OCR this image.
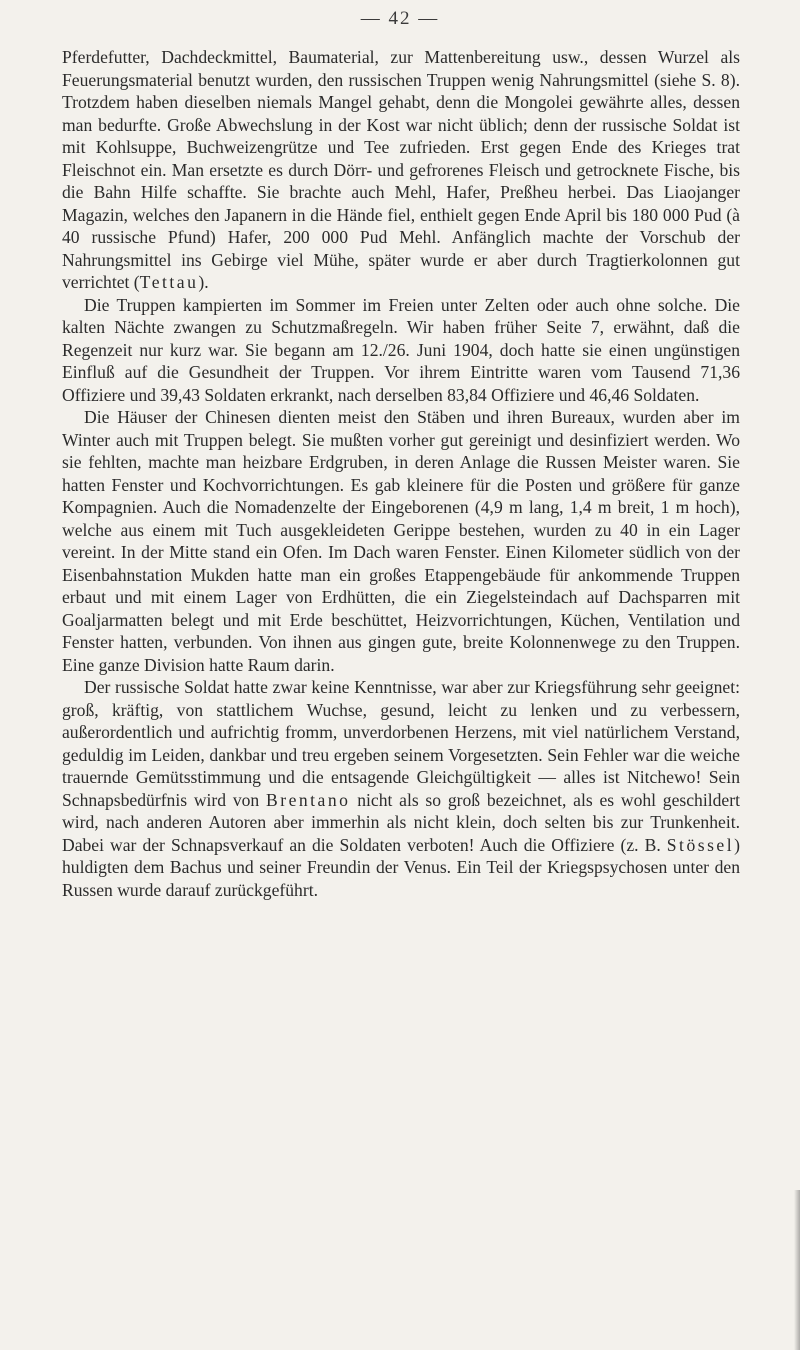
— 42 —

Pferdefutter, Dachdeckmittel, Baumaterial, zur Mattenbereitung usw., dessen Wurzel als Feuerungsmaterial benutzt wurden, den russischen Truppen wenig Nahrungsmittel (siehe S. 8). Trotzdem haben dieselben niemals Mangel gehabt, denn die Mongolei gewährte alles, dessen man bedurfte. Große Abwechslung in der Kost war nicht üblich; denn der russische Soldat ist mit Kohlsuppe, Buchweizengrütze und Tee zufrieden. Erst gegen Ende des Krieges trat Fleischnot ein. Man ersetzte es durch Dörr- und gefrorenes Fleisch und getrocknete Fische, bis die Bahn Hilfe schaffte. Sie brachte auch Mehl, Hafer, Preßheu herbei. Das Liaojanger Magazin, welches den Japanern in die Hände fiel, enthielt gegen Ende April bis 180 000 Pud (à 40 russische Pfund) Hafer, 200 000 Pud Mehl. Anfänglich machte der Vorschub der Nahrungsmittel ins Gebirge viel Mühe, später wurde er aber durch Tragtierkolonnen gut verrichtet (Tettau).

Die Truppen kampierten im Sommer im Freien unter Zelten oder auch ohne solche. Die kalten Nächte zwangen zu Schutzmaßregeln. Wir haben früher Seite 7, erwähnt, daß die Regenzeit nur kurz war. Sie begann am 12./26. Juni 1904, doch hatte sie einen ungünstigen Einfluß auf die Gesundheit der Truppen. Vor ihrem Eintritte waren vom Tausend 71,36 Offiziere und 39,43 Soldaten erkrankt, nach derselben 83,84 Offiziere und 46,46 Soldaten.

Die Häuser der Chinesen dienten meist den Stäben und ihren Bureaux, wurden aber im Winter auch mit Truppen belegt. Sie mußten vorher gut gereinigt und desinfiziert werden. Wo sie fehlten, machte man heizbare Erdgruben, in deren Anlage die Russen Meister waren. Sie hatten Fenster und Kochvorrichtungen. Es gab kleinere für die Posten und größere für ganze Kompagnien. Auch die Nomadenzelte der Eingeborenen (4,9 m lang, 1,4 m breit, 1 m hoch), welche aus einem mit Tuch ausgekleideten Gerippe bestehen, wurden zu 40 in ein Lager vereint. In der Mitte stand ein Ofen. Im Dach waren Fenster. Einen Kilometer südlich von der Eisenbahnstation Mukden hatte man ein großes Etappengebäude für ankommende Truppen erbaut und mit einem Lager von Erdhütten, die ein Ziegelsteindach auf Dachsparren mit Goaljarmatten belegt und mit Erde beschüttet, Heizvorrichtungen, Küchen, Ventilation und Fenster hatten, verbunden. Von ihnen aus gingen gute, breite Kolonnenwege zu den Truppen. Eine ganze Division hatte Raum darin.

Der russische Soldat hatte zwar keine Kenntnisse, war aber zur Kriegsführung sehr geeignet: groß, kräftig, von stattlichem Wuchse, gesund, leicht zu lenken und zu verbessern, außerordentlich und aufrichtig fromm, unverdorbenen Herzens, mit viel natürlichem Verstand, geduldig im Leiden, dankbar und treu ergeben seinem Vorgesetzten. Sein Fehler war die weiche trauernde Gemütsstimmung und die entsagende Gleichgültigkeit — alles ist Nitchewo! Sein Schnapsbedürfnis wird von Brentano nicht als so groß bezeichnet, als es wohl geschildert wird, nach anderen Autoren aber immerhin als nicht klein, doch selten bis zur Trunkenheit. Dabei war der Schnapsverkauf an die Soldaten verboten! Auch die Offiziere (z. B. Stössel) huldigten dem Bachus und seiner Freundin der Venus. Ein Teil der Kriegspsychosen unter den Russen wurde darauf zurückgeführt.
